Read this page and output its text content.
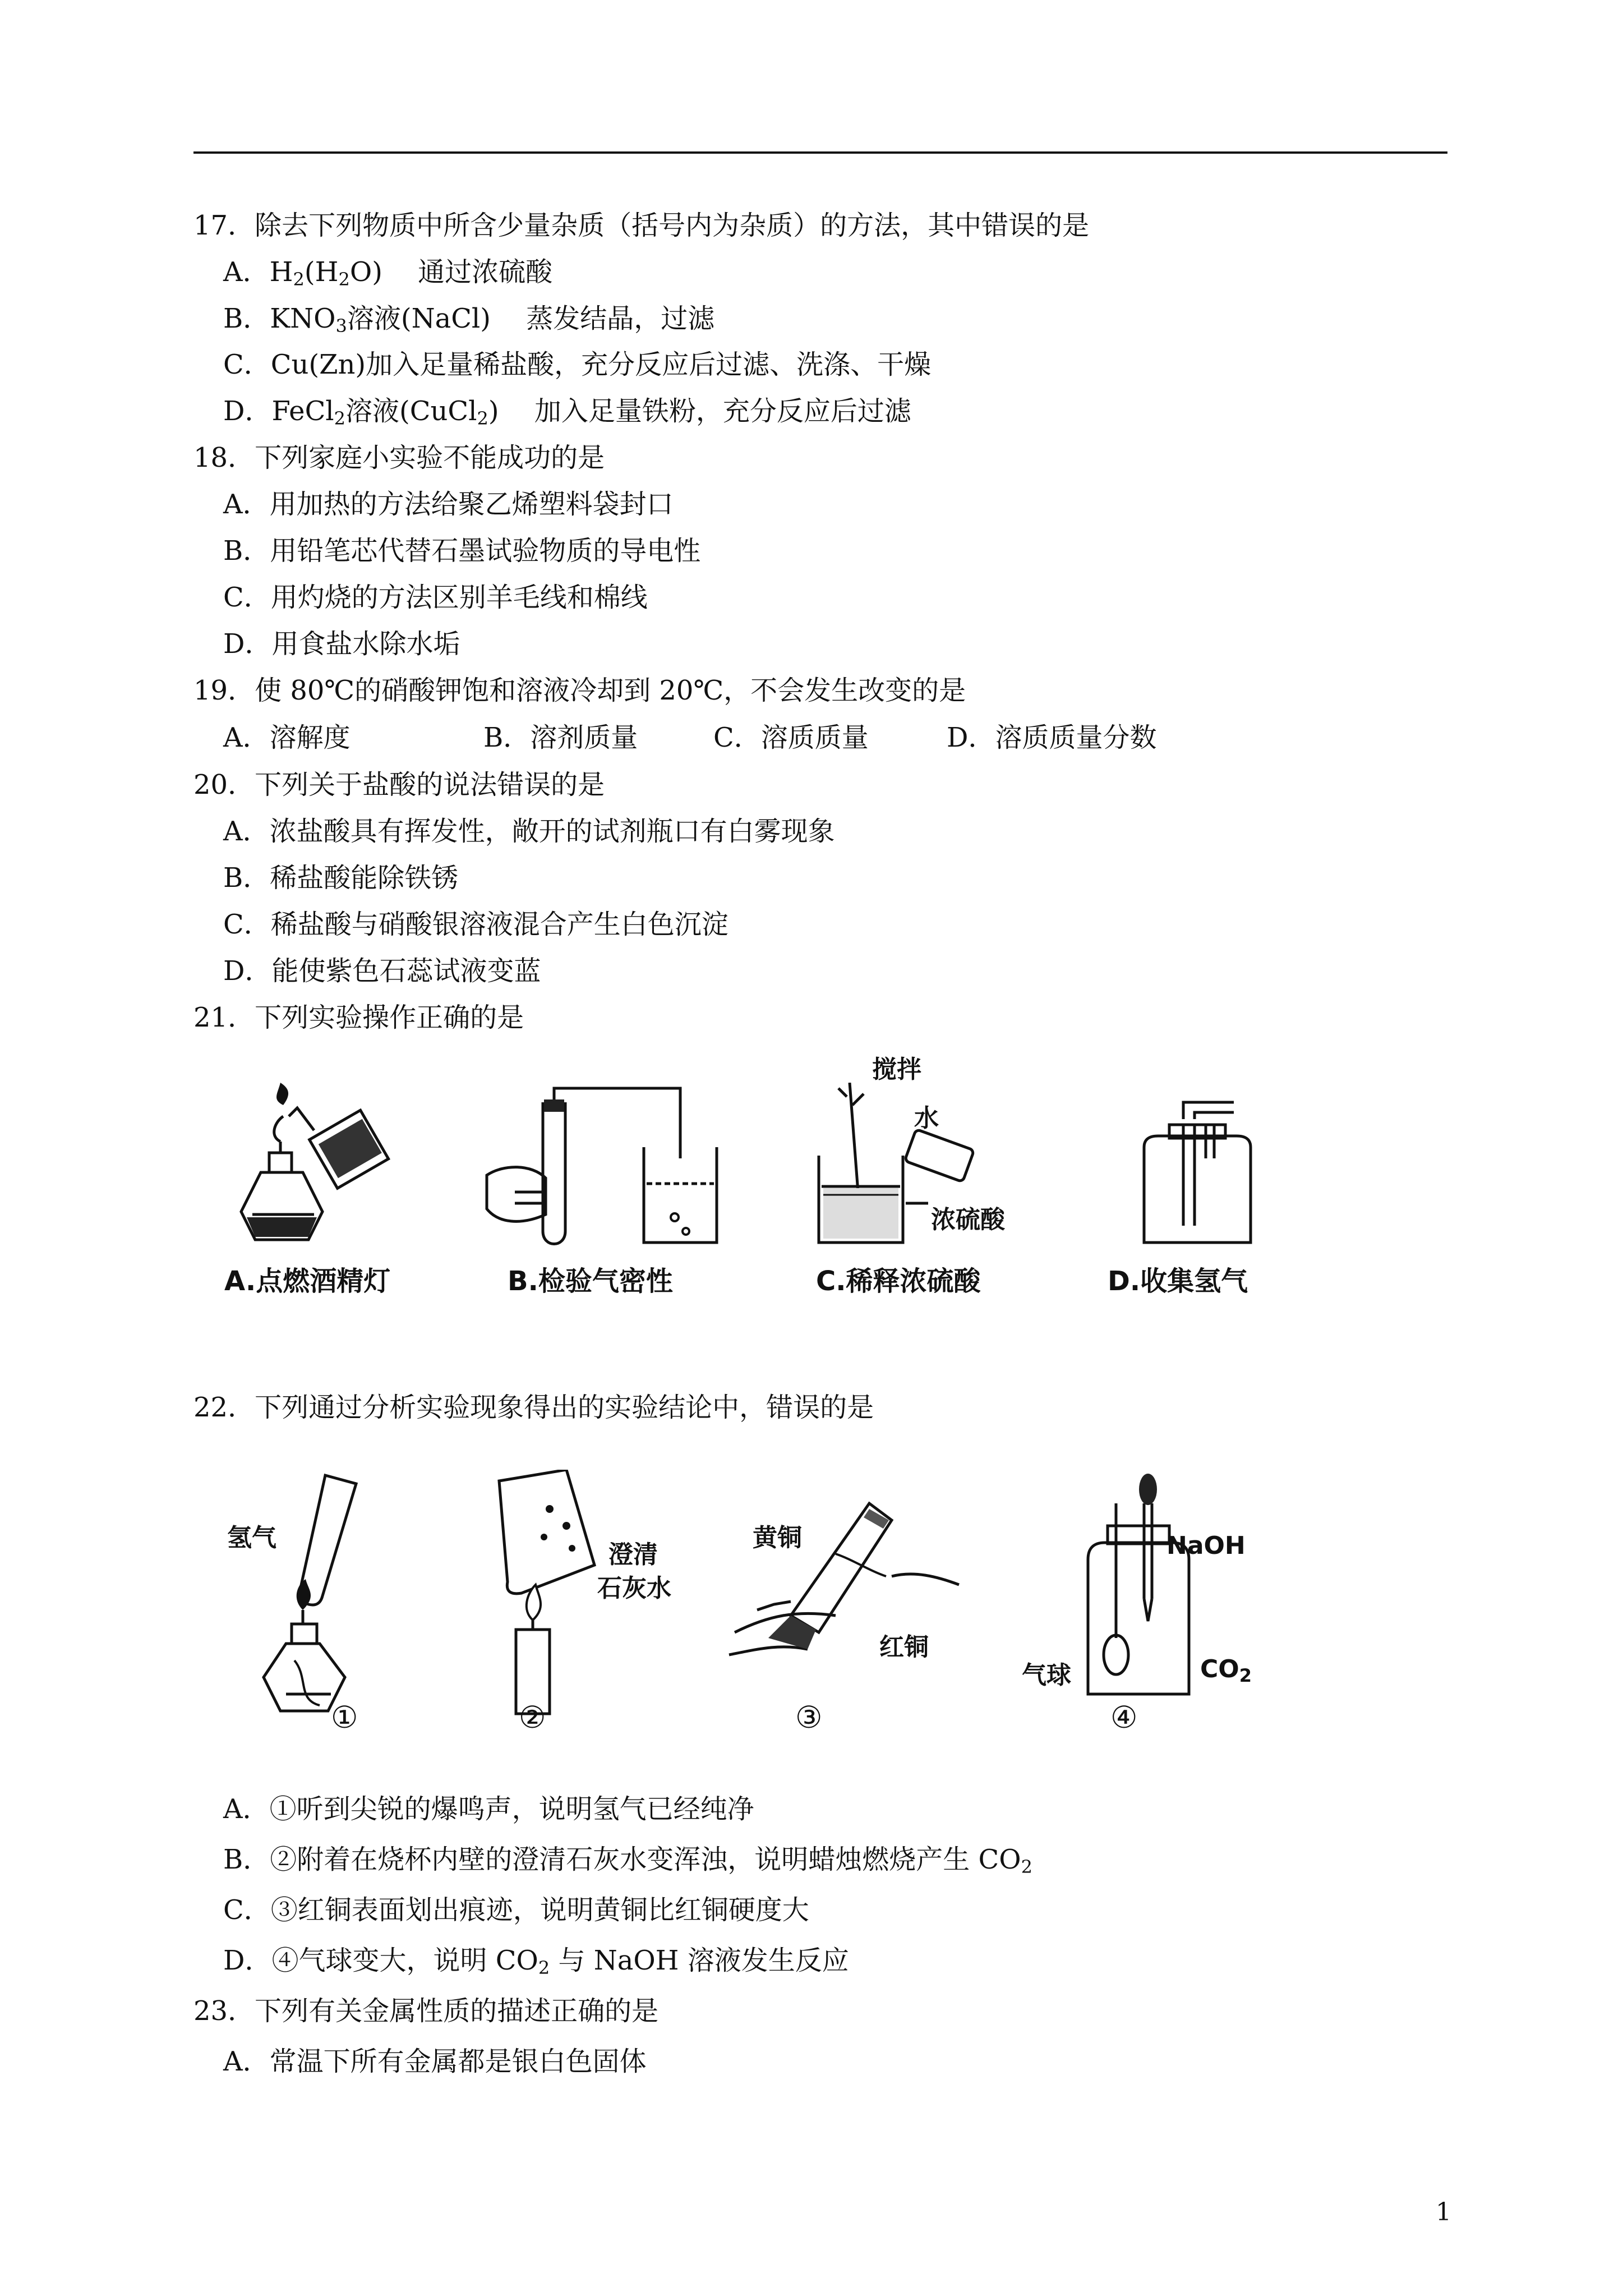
17．除去下列物质中所含少量杂质（括号内为杂质）的方法，其中错误的是
A．$H_2(H_2O)$　 通过浓硫酸
B．$KNO_3$溶液(NaCl)　 蒸发结晶，过滤
C．Cu(Zn)加入足量稀盐酸，充分反应后过滤、洗涤、干燥
D．FeCl$_2$溶液(CuCl$_2$)　 加入足量铁粉，充分反应后过滤
18．下列家庭小实验不能成功的是
A．用加热的方法给聚乙烯塑料袋封口
B．用铅笔芯代替石墨试验物质的导电性
C．用灼烧的方法区别羊毛线和棉线
D．用食盐水除水垢
19．使 80℃的硝酸钾饱和溶液冷却到 20℃，不会发生改变的是
A．溶解度	B．溶剂质量	C．溶质质量	D．溶质质量分数
20．下列关于盐酸的说法错误的是
A．浓盐酸具有挥发性，敞开的试剂瓶口有白雾现象
B．稀盐酸能除铁锈
C．稀盐酸与硝酸银溶液混合产生白色沉淀
D．能使紫色石蕊试液变蓝
21．下列实验操作正确的是
A.点燃酒精灯	B.检验气密性
搅拌
水
浓硫酸
C.稀释浓硫酸	D.收集氢气
22．下列通过分析实验现象得出的实验结论中，错误的是
氢气
①
澄清
石灰水
②
黄铜
红铜
③
NaOH
气球	$CO_2$
④
A．①听到尖锐的爆鸣声，说明氢气已经纯净
B．②附着在烧杯内壁的澄清石灰水变浑浊，说明蜡烛燃烧产生 $CO_2$
C．③红铜表面划出痕迹，说明黄铜比红铜硬度大
D．④气球变大，说明 $CO_2$ 与 NaOH 溶液发生反应
23．下列有关金属性质的描述正确的是
A．常温下所有金属都是银白色固体
1
